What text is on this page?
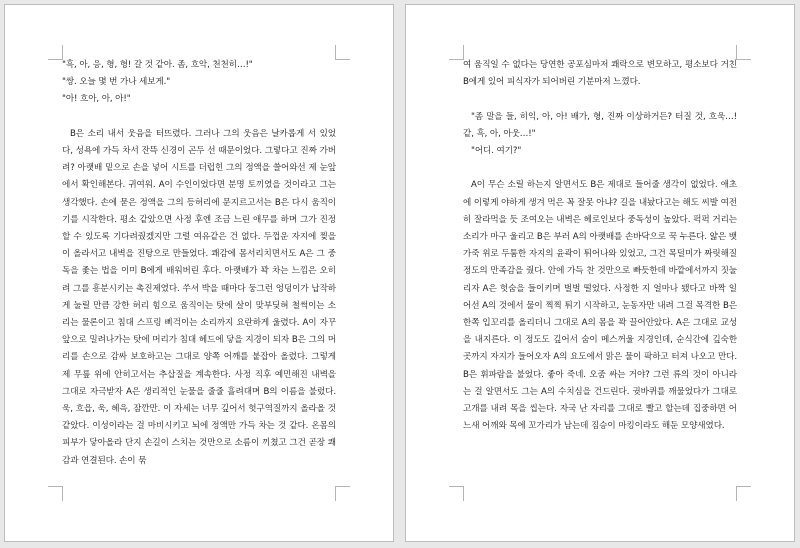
"흑, 아, 응, 형, 형! 갈 것 같아. 좀, 흐악, 천천히…!"

"쌍. 오늘 몇 번 가나 세보게."

"아! 흐아, 아, 아!"

B은 소리 내서 웃음을 터뜨렸다. 그러나 그의 웃음은 날카롭게 서 있었다, 성욕에 가득 차서 잔뜩 신경이 곤두 선 때문이었다. 그렇다고 진짜 가버려? 아랫배 밑으로 손을 넣어 시트를 더럽힌 그의 정액을 쓸어와선 제 눈앞에서 확인해본다. 귀여워. A이 수인이었다면 분명 토끼였을 것이라고 그는 생각했다. 손에 묻은 정액을 그의 등허리에 문지르고서는 B은 다시 움직이기를 시작한다. 평소 같았으면 사정 후엔 조금 느린 애무를 하며 그가 진정할 수 있도록 기다려줬겠지만 그럴 여유같은 건 없다. 두껍운 자지에 찢을이 올라서고 내벽을 진탕으로 만들었다. 쾌감에 몸서리치면서도 A은 그 중독을 좇는 법을 이미 B에게 배워버린 후다. 아랫배가 꽉 차는 느낌은 오히려 그를 흥분시키는 촉진제였다. 쑤셔 박을 때마다 둥그런 엉덩이가 납작하게 눌릴 만큼 강한 허리 힘으로 움직이는 탓에 살이 맞부딪혀 철썩이는 소리는 물론이고 침대 스프링 삐걱이는 소리까지 요란하게 울렸다. A이 자꾸 앞으로 밀려나가는 탓에 머리가 침대 헤드에 닿을 지경이 되자 B은 그의 머리를 손으로 감싸 보호하고는 그대로 양쪽 어깨를 붙잡아 올렸다. 그렇게 제 무릎 위에 안히고서는 추삽질을 계속한다. 사정 직후 예민해진 내벽을 그대로 자극받자 A은 생리적인 눈물을 줄줄 흘려대며 B의 이름을 불렀다. 욱, 흐읍, 욱, 헤윽, 잠깐만. 이 자세는 너무 깊어서 헛구역질까지 올라올 것 같았다. 이성이라는 걸 마비시키고 뇌에 정액만 가득 차는 것 같다. 온몸의 피부가 닿아올라 단지 손길이 스치는 것만으로 소름이 끼쳤고 그건 곧장 쾌감과 연결된다. 손이 묶

여 움직일 수 없다는 당연한 공포심마저 쾌락으로 변모하고, 평소보다 거친 B에게 있어 피식자가 되어버린 기분마저 느꼈다.

"좀 말을 들, 히익, 아, 아! 배가, 형, 진짜 이상하거든? 터질 것, 흐욱…! 같, 흑, 아, 아웃…!"

"어디. 여기?"

A이 무슨 소릴 하는지 알면서도 B은 제대로 들어줄 생각이 없었다. 애초에 이렇게 야하게 생겨 먹은 꼭 잘못 아냐? 길을 내놨다고는 해도 씨발 여전히 잘라먹을 듯 조여오는 내벽은 헤로인보다 중독성이 높았다. 퍽퍽 거리는 소리가 마구 울리고 B은 부러 A의 아랫배를 손바닥으로 꾹 누른다. 얇은 뱃가죽 위로 두툼한 자지의 윤곽이 튀어나와 있었고, 그건 목덜미가 짜릿해질 정도의 만족감을 줬다. 안에 가득 찬 것만으로 빠듯한데 바깥에서까지 짓눌리자 A은 헛숨을 들이키며 벌벌 떨었다. 사정한 지 얼마나 됐다고 바짝 일어선 A의 것에서 물이 찍찍 튀기 시작하고, 눈동자만 내려 그걸 목격한 B은 한쪽 입꼬리를 올리더니 그대로 A의 몸을 꽉 끌어안았다. A은 그대로 교성을 내지른다. 이 정도도 깊어서 숨이 메스꺼울 지경인데, 순식간에 깊숙한 곳까지 자지가 들어오자 A의 요도에서 맑은 물이 팍하고 터져 나오고 만다. B은 휘파람을 불었다. 좋아 죽네. 오줌 싸는 거야? 그런 류의 것이 아니라는 걸 알면서도 그는 A의 수치심을 건드린다. 귓바퀴를 깨물었다가 그대로 고개를 내려 목을 씹는다. 자국 난 자리를 그대로 빨고 할는데 집중하면 어느새 어깨와 목에 꼬가리가 남는데 짐승이 마킹이라도 해둔 모양새였다.
